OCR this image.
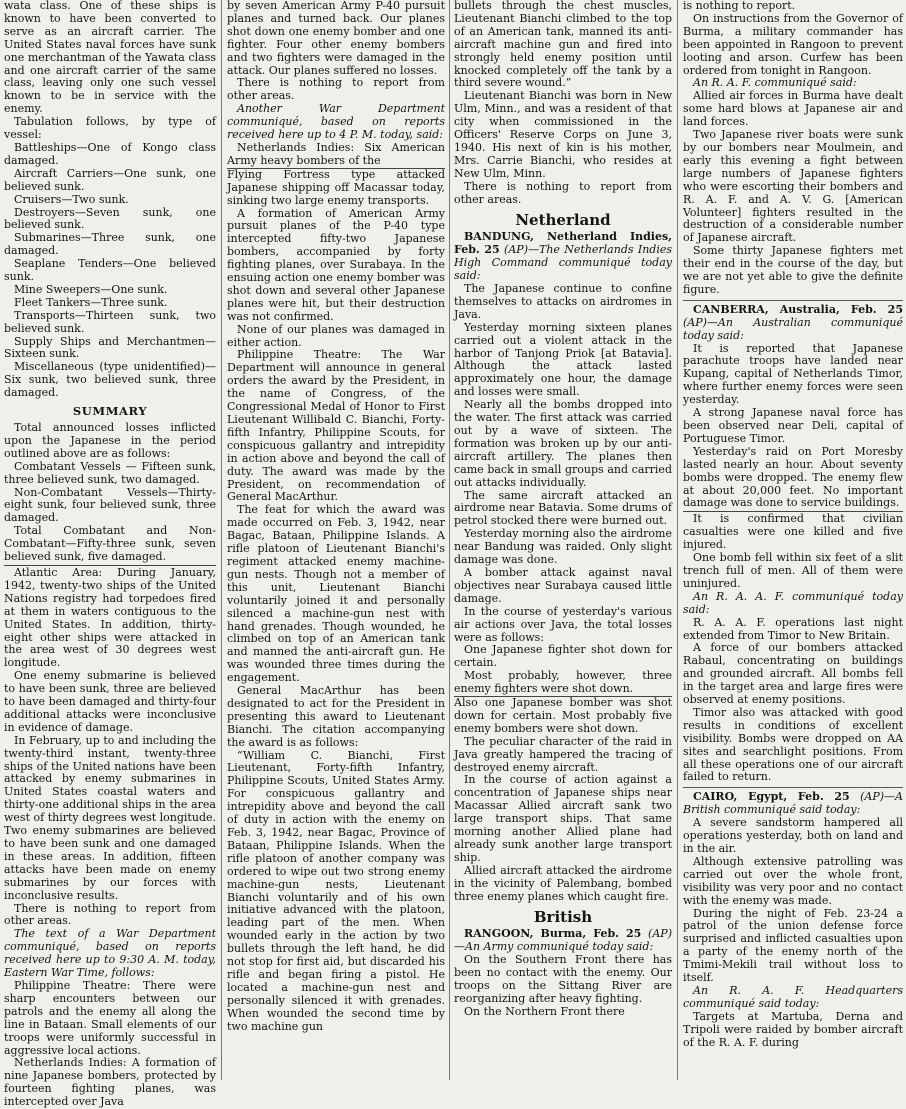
wata class. One of these ships is known to have been converted to serve as an aircraft carrier. The United States naval forces have sunk one merchantman of the Yawata class and one aircraft carrier of the same class, leaving only one such vessel known to be in service with the enemy.

Tabulation follows, by type of vessel:

Battleships—One of Kongo class damaged.

Aircraft Carriers—One sunk, one believed sunk.

Cruisers—Two sunk.

Destroyers—Seven sunk, one believed sunk.

Submarines—Three sunk, one damaged.

Seaplane Tenders—One believed sunk.

Mine Sweepers—One sunk.

Fleet Tankers—Three sunk.

Transports—Thirteen sunk, two believed sunk.

Supply Ships and Merchantmen—Sixteen sunk.

Miscellaneous (type unidentified)—Six sunk, two believed sunk, three damaged.

SUMMARY

Total announced losses inflicted upon the Japanese in the period outlined above are as follows:

Combatant Vessels — Fifteen sunk, three believed sunk, two damaged.

Non-Combatant Vessels—Thirty-eight sunk, four believed sunk, three damaged.

Total Combatant and Non-Combatant—Fifty-three sunk, seven believed sunk, five damaged.

Atlantic Area: During January, 1942, twenty-two ships of the United Nations registry had torpedoes fired at them in waters contiguous to the United States. In addition, thirty-eight other ships were attacked in the area west of 30 degrees west longitude.

One enemy submarine is believed to have been sunk, three are believed to have been damaged and thirty-four additional attacks were inconclusive in evidence of damage.

In February, up to and including the twenty-third instant, twenty-three ships of the United nations have been attacked by enemy submarines in United States coastal waters and thirty-one additional ships in the area west of thirty degrees west longitude. Two enemy submarines are believed to have been sunk and one damaged in these areas. In addition, fifteen attacks have been made on enemy submarines by our forces with inconclusive results.

There is nothing to report from other areas.

The text of a War Department communiqué, based on reports received here up to 9:30 A. M. today, Eastern War Time, follows:

Philippine Theatre: There were sharp encounters between our patrols and the enemy all along the line in Bataan. Small elements of our troops were uniformly successful in aggressive local actions.

Netherlands Indies: A formation of nine Japanese bombers, protected by fourteen fighting planes, was intercepted over Java

by seven American Army P-40 pursuit planes and turned back. Our planes shot down one enemy bomber and one fighter. Four other enemy bombers and two fighters were damaged in the attack. Our planes suffered no losses.

There is nothing to report from other areas.

Another War Department communiqué, based on reports received here up to 4 P. M. today, said:

Netherlands Indies: Six American Army heavy bombers of the

Flying Fortress type attacked Japanese shipping off Macassar today, sinking two large enemy transports.

A formation of American Army pursuit planes of the P-40 type intercepted fifty-two Japanese bombers, accompanied by forty fighting planes, over Surabaya. In the ensuing action one enemy bomber was shot down and several other Japanese planes were hit, but their destruction was not confirmed.

None of our planes was damaged in either action.

Philippine Theatre: The War Department will announce in general orders the award by the President, in the name of Congress, of the Congressional Medal of Honor to First Lieutenant Willibald C. Bianchi, Forty-fifth Infantry, Philippine Scouts, for conspicuous gallantry and intrepidity in action above and beyond the call of duty. The award was made by the President, on recommendation of General MacArthur.

The feat for which the award was made occurred on Feb. 3, 1942, near Bagac, Bataan, Philippine Islands. A rifle platoon of Lieutenant Bianchi's regiment attacked enemy machine-gun nests. Though not a member of this unit, Lieutenant Bianchi voluntarily joined it and personally silenced a machine-gun nest with hand grenades. Though wounded, he climbed on top of an American tank and manned the anti-aircraft gun. He was wounded three times during the engagement.

General MacArthur has been designated to act for the President in presenting this award to Lieutenant Bianchi. The citation accompanying the award is as follows:

“William C. Bianchi, First Lieutenant, Forty-fifth Infantry, Philippine Scouts, United States Army. For conspicuous gallantry and intrepidity above and beyond the call of duty in action with the enemy on Feb. 3, 1942, near Bagac, Province of Bataan, Philippine Islands. When the rifle platoon of another company was ordered to wipe out two strong enemy machine-gun nests, Lieutenant Bianchi voluntarily and of his own initiative advanced with the platoon, leading part of the men. When wounded early in the action by two bullets through the left hand, he did not stop for first aid, but discarded his rifle and began firing a pistol. He located a machine-gun nest and personally silenced it with grenades. When wounded the second time by two machine gun

bullets through the chest muscles, Lieutenant Bianchi climbed to the top of an American tank, manned its anti-aircraft machine gun and fired into strongly held enemy position until knocked completely off the tank by a third severe wound.”

Lieutenant Bianchi was born in New Ulm, Minn., and was a resident of that city when commissioned in the Officers' Reserve Corps on June 3, 1940. His next of kin is his mother, Mrs. Carrie Bianchi, who resides at New Ulm, Minn.

There is nothing to report from other areas.

Netherland

BANDUNG, Netherland Indies, Feb. 25 (AP)—The Netherlands Indies High Command communiqué today said:

The Japanese continue to confine themselves to attacks on airdromes in Java.

Yesterday morning sixteen planes carried out a violent attack in the harbor of Tanjong Priok [at Batavia]. Although the attack lasted approximately one hour, the damage and losses were small.

Nearly all the bombs dropped into the water. The first attack was carried out by a wave of sixteen. The formation was broken up by our anti-aircraft artillery. The planes then came back in small groups and carried out attacks individually.

The same aircraft attacked an airdrome near Batavia. Some drums of petrol stocked there were burned out.

Yesterday morning also the airdrome near Bandung was raided. Only slight damage was done.

A bomber attack against naval objectives near Surabaya caused little damage.

In the course of yesterday's various air actions over Java, the total losses were as follows:

One Japanese fighter shot down for certain.

Most probably, however, three enemy fighters were shot down.

Also one Japanese bomber was shot down for certain. Most probably five enemy bombers were shot down.

The peculiar character of the raid in Java greatly hampered the tracing of destroyed enemy aircraft.

In the course of action against a concentration of Japanese ships near Macassar Allied aircraft sank two large transport ships. That same morning another Allied plane had already sunk another large transport ship.

Allied aircraft attacked the airdrome in the vicinity of Palembang, bombed three enemy planes which caught fire.

British

RANGOON, Burma, Feb. 25 (AP) —An Army communiqué today said:

On the Southern Front there has been no contact with the enemy. Our troops on the Sittang River are reorganizing after heavy fighting.

On the Northern Front there

is nothing to report.

On instructions from the Governor of Burma, a military commander has been appointed in Rangoon to prevent looting and arson. Curfew has been ordered from tonight in Rangoon.

An R. A. F. communiqué said:

Allied air forces in Burma have dealt some hard blows at Japanese air and land forces.

Two Japanese river boats were sunk by our bombers near Moulmein, and early this evening a fight between large numbers of Japanese fighters who were escorting their bombers and R. A. F. and A. V. G. [American Volunteer] fighters resulted in the destruction of a considerable number of Japanese aircraft.

Some thirty Japanese fighters met their end in the course of the day, but we are not yet able to give the definite figure.

CANBERRA, Australia, Feb. 25 (AP)—An Australian communiqué today said:

It is reported that Japanese parachute troops have landed near Kupang, capital of Netherlands Timor, where further enemy forces were seen yesterday.

A strong Japanese naval force has been observed near Deli, capital of Portuguese Timor.

Yesterday's raid on Port Moresby lasted nearly an hour. About seventy bombs were dropped. The enemy flew at about 20,000 feet. No important damage was done to service buildings.

It is confirmed that civilian casualties were one killed and five injured.

One bomb fell within six feet of a slit trench full of men. All of them were uninjured.

An R. A. A. F. communiqué today said:

R. A. A. F. operations last night extended from Timor to New Britain.

A force of our bombers attacked Rabaul, concentrating on buildings and grounded aircraft. All bombs fell in the target area and large fires were observed at enemy positions.

Timor also was attacked with good results in conditions of excellent visibility. Bombs were dropped on AA sites and searchlight positions. From all these operations one of our aircraft failed to return.

CAIRO, Egypt, Feb. 25 (AP)—A British communiqué said today:

A severe sandstorm hampered all operations yesterday, both on land and in the air.

Although extensive patrolling was carried out over the whole front, visibility was very poor and no contact with the enemy was made.

During the night of Feb. 23-24 a patrol of the union defense force surprised and inflicted casualties upon a party of the enemy north of the Tmimi-Mekili trail without loss to itself.

An R. A. F. Headquarters communiqué said today:

Targets at Martuba, Derna and Tripoli were raided by bomber aircraft of the R. A. F. during
